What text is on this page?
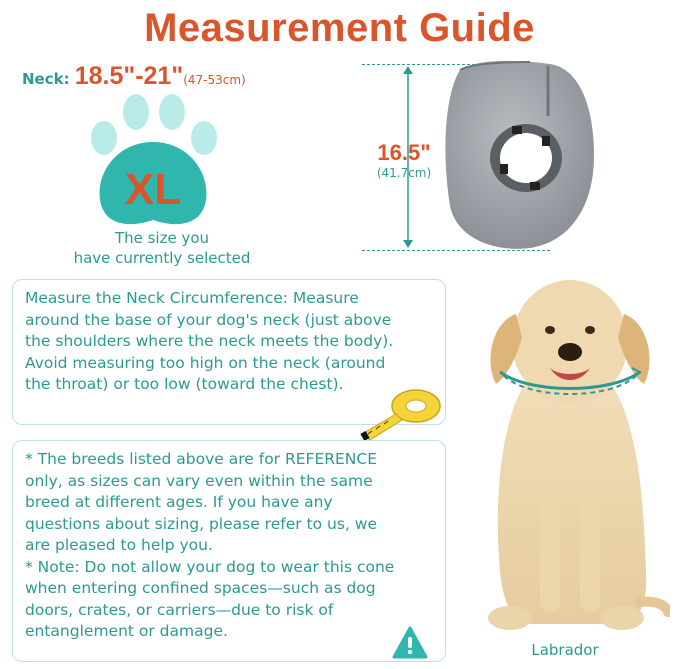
Measurement Guide
Neck: 18.5"-21"(47-53cm)
XL
The size you
have currently selected
16.5"
(41.7cm)
Measure the Neck Circumference: Measure
around the base of your dog's neck (just above
the shoulders where the neck meets the body).
Avoid measuring too high on the neck (around
the throat) or too low (toward the chest).
* The breeds listed above are for REFERENCE
only, as sizes can vary even within the same
breed at different ages. If you have any
questions about sizing, please refer to us, we
are pleased to help you.
* Note: Do not allow your dog to wear this cone
when entering confined spaces—such as dog
doors, crates, or carriers—due to risk of
entanglement or damage.
Labrador
